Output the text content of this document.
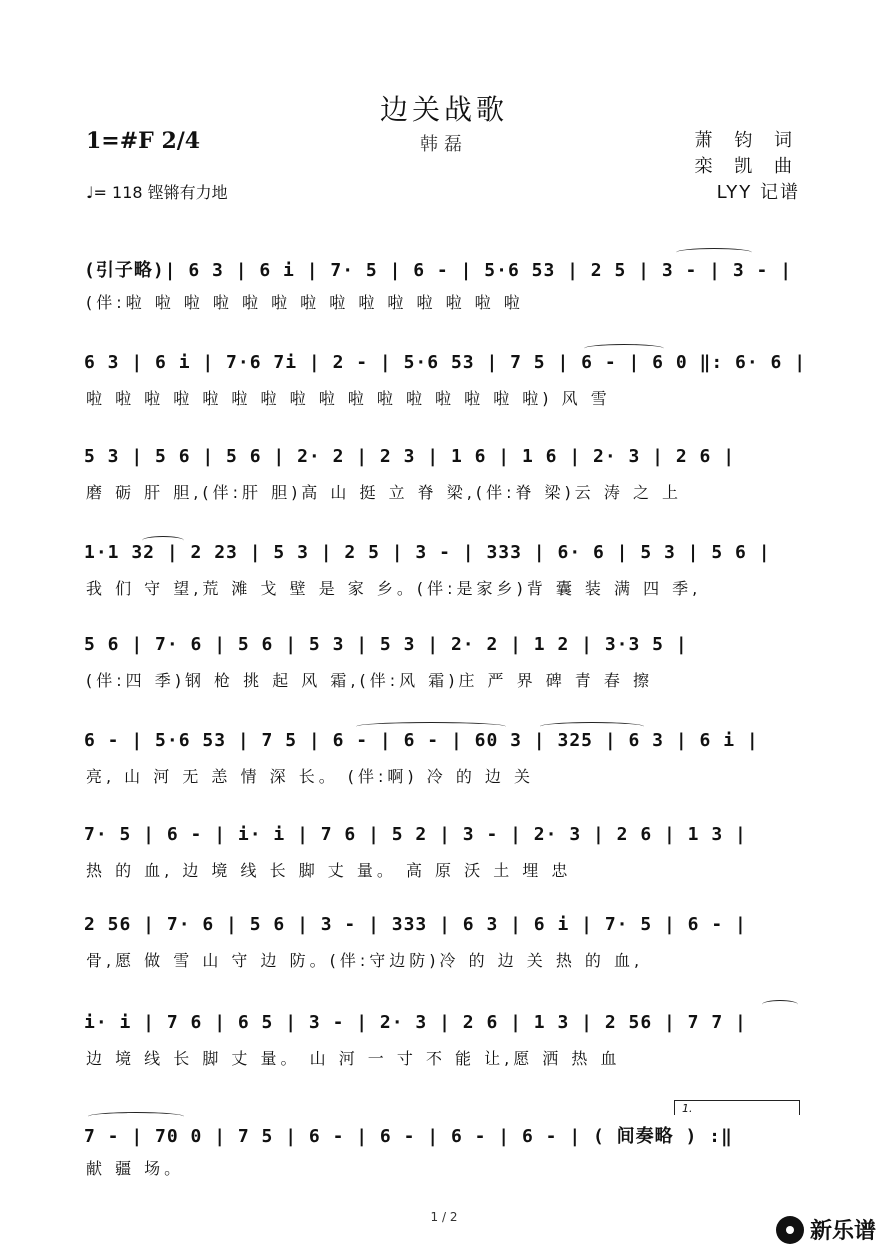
边关战歌
韩磊
1=#F 2/4
♩= 118 铿锵有力地
萧 钧 词
栾 凯 曲
LYY 记谱
(引子略)| 6 3 | 6 i | 7· 5 | 6 - | 5·6 53 | 2 5 | 3 - | 3 - |
(伴:啦 啦 啦 啦 啦 啦 啦 啦 啦 啦 啦 啦 啦 啦
6 3 | 6 i | 7·6 7i | 2 - | 5·6 53 | 7 5 | 6 - | 6 0 ‖: 6· 6 |
啦 啦 啦 啦 啦 啦 啦 啦 啦 啦 啦 啦 啦 啦 啦 啦) 风 雪
5 3 | 5 6 | 5 6 | 2· 2 | 2 3 | 1 6 | 1 6 | 2· 3 | 2 6 |
磨 砺 肝 胆,(伴:肝 胆)高 山 挺 立 脊 梁,(伴:脊 梁)云 涛 之 上
1·1 32 | 2 23 | 5 3 | 2 5 | 3 - | 333 | 6· 6 | 5 3 | 5 6 |
我 们 守 望,荒 滩 戈 壁 是 家 乡。(伴:是家乡)背 囊 装 满 四 季,
5 6 | 7· 6 | 5 6 | 5 3 | 5 3 | 2· 2 | 1 2 | 3·3 5 |
(伴:四 季)钢 枪 挑 起 风 霜,(伴:风 霜)庄 严 界 碑 青 春 擦
6 - | 5·6 53 | 7 5 | 6 - | 6 - | 60 3 | 325 | 6 3 | 6 i |
亮, 山 河 无 恙 情 深 长。 (伴:啊) 冷 的 边 关
7· 5 | 6 - | i· i | 7 6 | 5 2 | 3 - | 2· 3 | 2 6 | 1 3 |
热 的 血, 边 境 线 长 脚 丈 量。 高 原 沃 土 埋 忠
2 56 | 7· 6 | 5 6 | 3 - | 333 | 6 3 | 6 i | 7· 5 | 6 - |
骨,愿 做 雪 山 守 边 防。(伴:守边防)冷 的 边 关 热 的 血,
i· i | 7 6 | 6 5 | 3 - | 2· 3 | 2 6 | 1 3 | 2 56 | 7 7 |
边 境 线 长 脚 丈 量。 山 河 一 寸 不 能 让,愿 洒 热 血
7 - | 70 0 | 7 5 | 6 - | 6 - | 6 - | 6 - | ( 间奏略 ) :‖
献 疆 场。
1.
1 / 2
新乐谱
